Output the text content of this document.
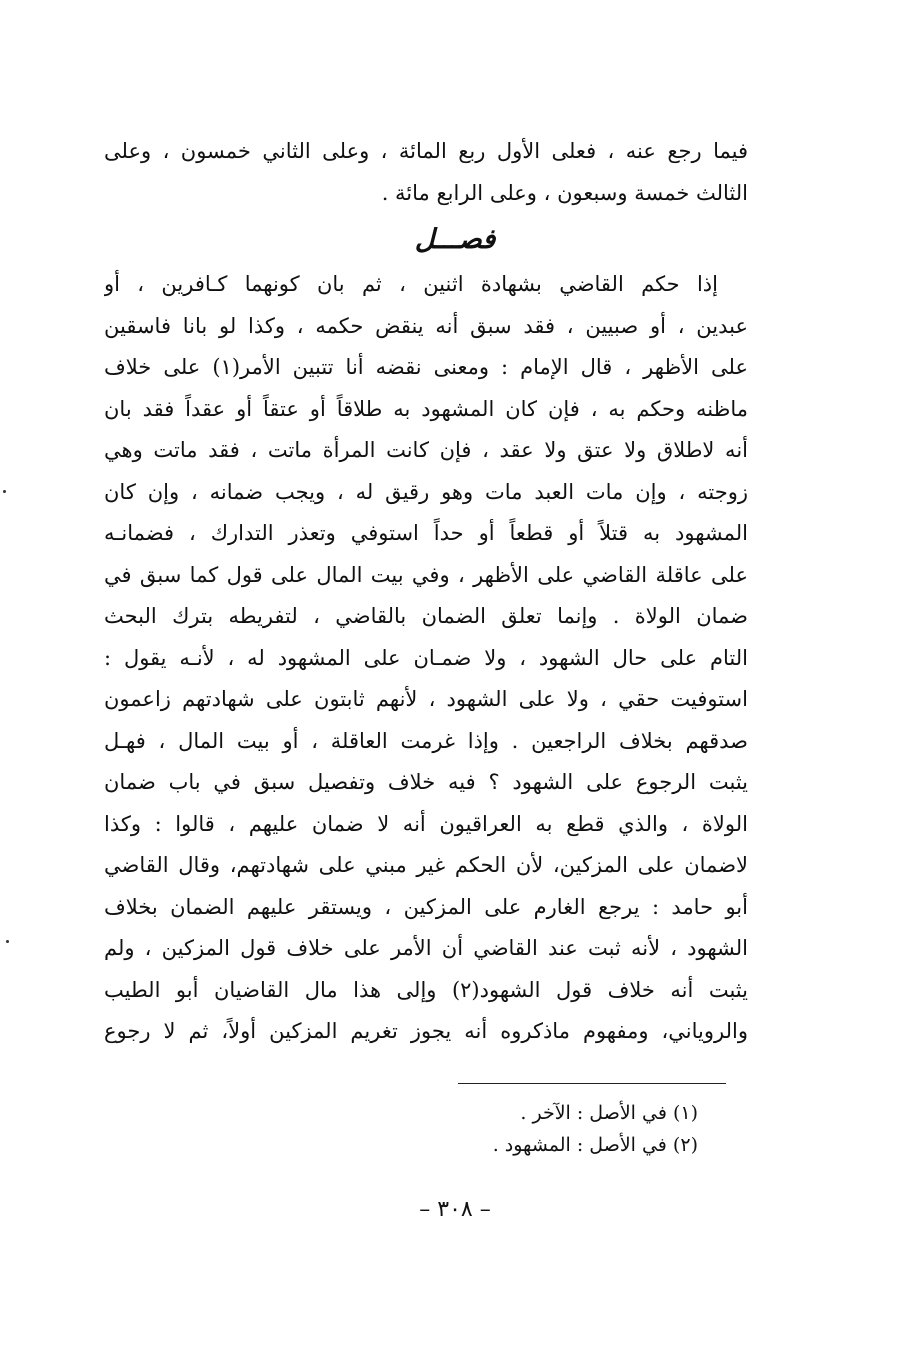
فيما رجع عنه ، فعلى الأول ربع المائة ، وعلى الثاني خمسون ، وعلى
الثالث خمسة وسبعون ، وعلى الرابع مائة .
فصـــل
إذا حكم القاضي بشهادة اثنين ، ثم بان كونهما كـافرين ، أو
عبدين ، أو صبيين ، فقد سبق أنه ينقض حكمه ، وكذا لو بانا فاسقين
على الأظهر ، قال الإمام : ومعنى نقضه أنا تتبين الأمر(١) على خلاف
ماظنه وحكم به ، فإن كان المشهود به طلاقاً أو عتقاً أو عقداً فقد بان
أنه لاطلاق ولا عتق ولا عقد ، فإن كانت المرأة ماتت ، فقد ماتت وهي
زوجته ، وإن مات العبد مات وهو رقيق له ، ويجب ضمانه ، وإن كان
المشهود به قتلاً أو قطعاً أو حداً استوفي وتعذر التدارك ، فضمانـه
على عاقلة القاضي على الأظهر ، وفي بيت المال على قول كما سبق في
ضمان الولاة . وإنما تعلق الضمان بالقاضي ، لتفريطه بترك البحث
التام على حال الشهود ، ولا ضمـان على المشهود له ، لأنـه يقول :
استوفيت حقي ، ولا على الشهود ، لأنهم ثابتون على شهادتهم زاعمون
صدقهم بخلاف الراجعين . وإذا غرمت العاقلة ، أو بيت المال ، فهـل
يثبت الرجوع على الشهود ؟ فيه خلاف وتفصيل سبق في باب ضمان
الولاة ، والذي قطع به العراقيون أنه لا ضمان عليهم ، قالوا : وكذا
لاضمان على المزكين، لأن الحكم غير مبني على شهادتهم، وقال القاضي
أبو حامد : يرجع الغارم على المزكين ، ويستقر عليهم الضمان بخلاف
الشهود ، لأنه ثبت عند القاضي أن الأمر على خلاف قول المزكين ، ولم
يثبت أنه خلاف قول الشهود(٢) وإلى هذا مال القاضيان أبو الطيب
والروياني، ومفهوم ماذكروه أنه يجوز تغريم المزكين أولاً، ثم لا رجوع
(١) في الأصل : الآخر .
(٢) في الأصل : المشهود .
– ٣٠٨ –
